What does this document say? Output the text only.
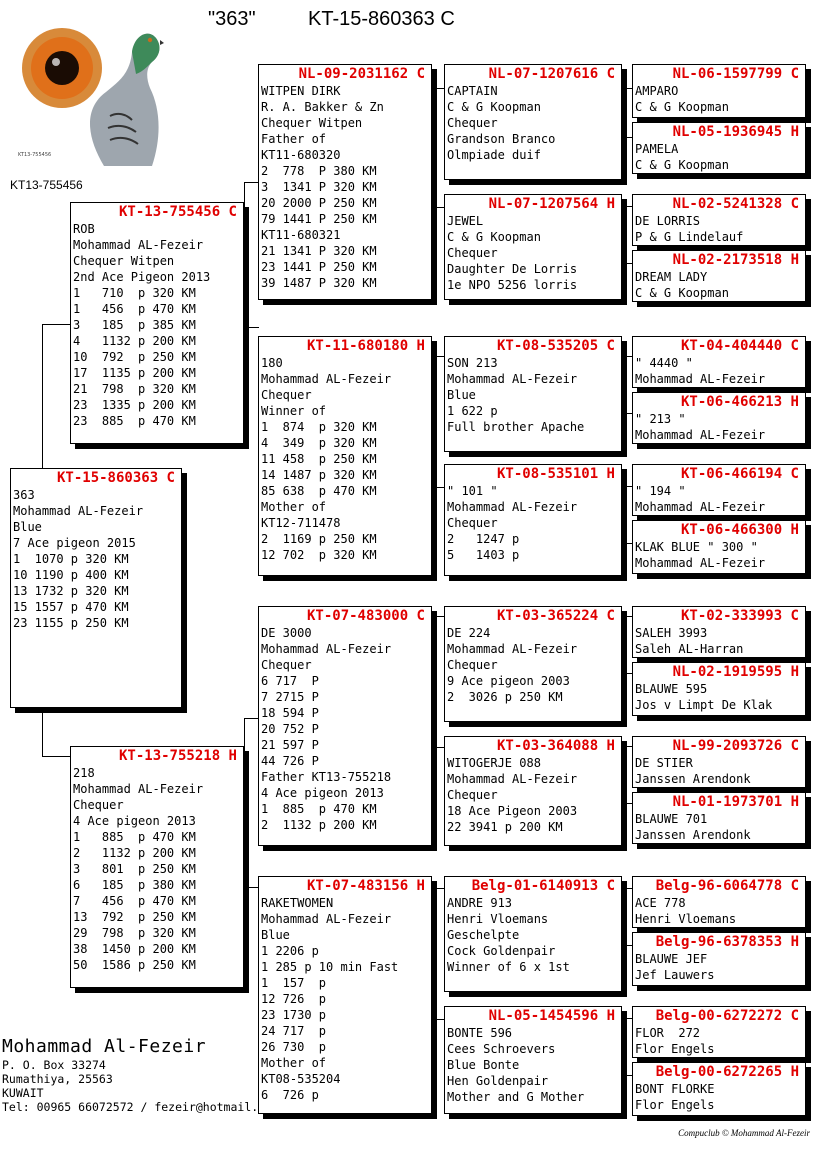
"363"	KT-15-860363 C
KT13-755456
KT13-755456
KT-15-860363 C
363
Mohammad AL-Fezeir
Blue
7 Ace pigeon 2015
1  1070 p 320 KM
10 1190 p 400 KM
13 1732 p 320 KM
15 1557 p 470 KM
23 1155 p 250 KM
KT-13-755456 C
ROB
Mohammad AL-Fezeir
Chequer Witpen
2nd Ace Pigeon 2013
1   710  p 320 KM
1   456  p 470 KM
3   185  p 385 KM
4   1132 p 200 KM
10  792  p 250 KM
17  1135 p 200 KM
21  798  p 320 KM
23  1335 p 200 KM
23  885  p 470 KM
KT-13-755218 H
218
Mohammad AL-Fezeir
Chequer
4 Ace pigeon 2013
1   885  p 470 KM
2   1132 p 200 KM
3   801  p 250 KM
6   185  p 380 KM
7   456  p 470 KM
13  792  p 250 KM
29  798  p 320 KM
38  1450 p 200 KM
50  1586 p 250 KM
NL-09-2031162 C
WITPEN DIRK
R. A. Bakker & Zn
Chequer Witpen
Father of
KT11-680320
2  778  P 380 KM
3  1341 P 320 KM
20 2000 P 250 KM
79 1441 P 250 KM
KT11-680321
21 1341 P 320 KM
23 1441 P 250 KM
39 1487 P 320 KM
KT-11-680180 H
180
Mohammad AL-Fezeir
Chequer
Winner of
1  874  p 320 KM
4  349  p 320 KM
11 458  p 250 KM
14 1487 p 320 KM
85 638  p 470 KM
Mother of
KT12-711478
2  1169 p 250 KM
12 702  p 320 KM
KT-07-483000 C
DE 3000
Mohammad AL-Fezeir
Chequer
6 717  P
7 2715 P
18 594 P
20 752 P
21 597 P
44 726 P
Father KT13-755218
4 Ace pigeon 2013
1  885  p 470 KM
2  1132 p 200 KM
KT-07-483156 H
RAKETWOMEN
Mohammad AL-Fezeir
Blue
1 2206 p
1 285 p 10 min Fast
1  157  p
12 726  p
23 1730 p
24 717  p
26 730  p
Mother of
KT08-535204
6  726 p
NL-07-1207616 C
CAPTAIN
C & G Koopman
Chequer
Grandson Branco
Olmpiade duif
NL-07-1207564 H
JEWEL
C & G Koopman
Chequer
Daughter De Lorris
1e NPO 5256 lorris
KT-08-535205 C
SON 213
Mohammad AL-Fezeir
Blue
1 622 p
Full brother Apache
KT-08-535101 H
" 101 "
Mohammad AL-Fezeir
Chequer
2   1247 p
5   1403 p
KT-03-365224 C
DE 224
Mohammad AL-Fezeir
Chequer
9 Ace pigeon 2003
2  3026 p 250 KM
KT-03-364088 H
WITOGERJE 088
Mohammad AL-Fezeir
Chequer
18 Ace Pigeon 2003
22 3941 p 200 KM
Belg-01-6140913 C
ANDRE 913
Henri Vloemans
Geschelpte
Cock Goldenpair
Winner of 6 x 1st
NL-05-1454596 H
BONTE 596
Cees Schroevers
Blue Bonte
Hen Goldenpair
Mother and G Mother
NL-06-1597799 C
AMPARO
C & G Koopman
NL-05-1936945 H
PAMELA
C & G Koopman
NL-02-5241328 C
DE LORRIS
P & G Lindelauf
NL-02-2173518 H
DREAM LADY
C & G Koopman
KT-04-404440 C
" 4440 "
Mohammad AL-Fezeir
KT-06-466213 H
" 213 "
Mohammad AL-Fezeir
KT-06-466194 C
" 194 "
Mohammad AL-Fezeir
KT-06-466300 H
KLAK BLUE " 300 "
Mohammad AL-Fezeir
KT-02-333993 C
SALEH 3993
Saleh AL-Harran
NL-02-1919595 H
BLAUWE 595
Jos v Limpt De Klak
NL-99-2093726 C
DE STIER
Janssen Arendonk
NL-01-1973701 H
BLAUWE 701
Janssen Arendonk
Belg-96-6064778 C
ACE 778
Henri Vloemans
Belg-96-6378353 H
BLAUWE JEF
Jef Lauwers
Belg-00-6272272 C
FLOR  272
Flor Engels
Belg-00-6272265 H
BONT FLORKE
Flor Engels
Mohammad Al-Fezeir
P. O. Box 33274
Rumathiya, 25563
KUWAIT
Tel: 00965 66072572 / fezeir@hotmail.
Compuclub © Mohammad Al-Fezeir
